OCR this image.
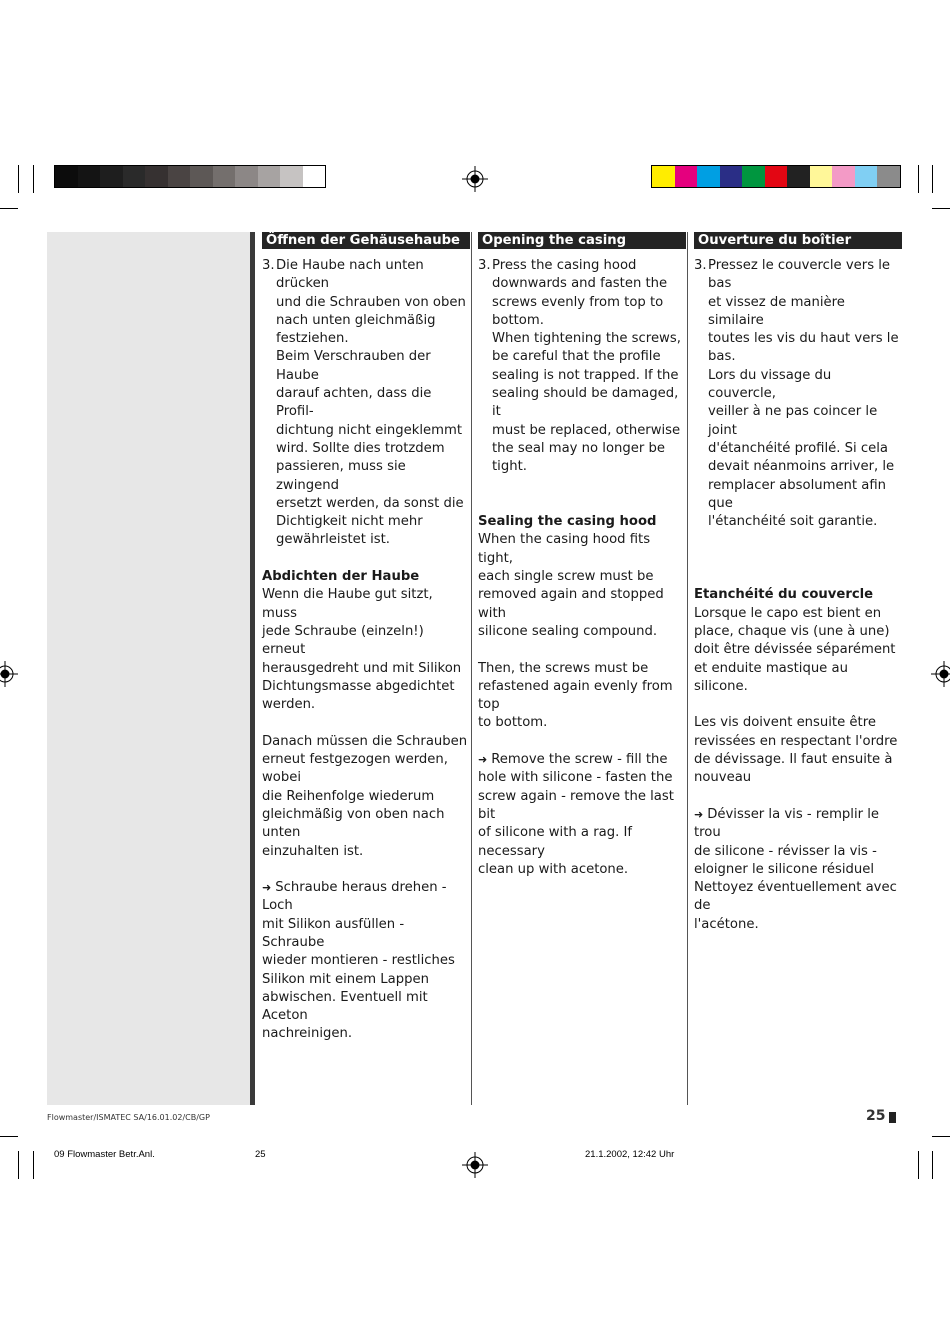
Öffnen der Gehäusehaube
3. Die Haube nach unten drücken
und die Schrauben von oben
nach unten gleichmäßig
festziehen.
Beim Verschrauben der Haube
darauf achten, dass die Profil-
dichtung nicht eingeklemmt
wird. Sollte dies trotzdem
passieren, muss sie zwingend
ersetzt werden, da sonst die
Dichtigkeit nicht mehr
gewährleistet ist.
Abdichten der Haube
Wenn die Haube gut sitzt, muss
jede Schraube (einzeln!) erneut
herausgedreht und mit Silikon
Dichtungsmasse abgedichtet
werden.
Danach müssen die Schrauben
erneut festgezogen werden, wobei
die Reihenfolge wiederum
gleichmäßig von oben nach unten
einzuhalten ist.
➜ Schraube heraus drehen - Loch
mit Silikon ausfüllen - Schraube
wieder montieren - restliches
Silikon mit einem Lappen
abwischen. Eventuell mit Aceton
nachreinigen.
Opening the casing
3. Press the casing hood
downwards and fasten the
screws evenly from top to
bottom.
When tightening the screws,
be careful that the profile
sealing is not trapped. If the
sealing should be damaged, it
must be replaced, otherwise
the seal may no longer be
tight.
Sealing the casing hood
When the casing hood fits tight,
each single screw must be
removed again and stopped with
silicone sealing compound.
Then, the screws must be
refastened again evenly from top
to bottom.
➜ Remove the screw - fill the
hole with silicone - fasten the
screw again - remove the last bit
of silicone with a rag. If necessary
clean up with acetone.
Ouverture du boîtier
3. Pressez le couvercle vers le bas
et vissez de manière similaire
toutes les vis du haut vers le
bas.
Lors du vissage du couvercle,
veiller à ne pas coincer le joint
d'étanchéité profilé. Si cela
devait néanmoins arriver, le
remplacer absolument afin que
l'étanchéité soit garantie.
Etanchéité du couvercle
Lorsque le capo est bient en
place, chaque vis (une à une)
doit être dévissée séparément
et enduite mastique au silicone.
Les vis doivent ensuite être
revissées en respectant l'ordre
de dévissage. Il faut ensuite à
nouveau
➜ Dévisser la vis - remplir le trou
de silicone - révisser la vis -
eloigner le silicone résiduel
Nettoyez éventuellement avec de
l'acétone.
Flowmaster/ISMATEC SA/16.01.02/CB/GP	25
09 Flowmaster Betr.Anl.	25	21.1.2002, 12:42 Uhr
